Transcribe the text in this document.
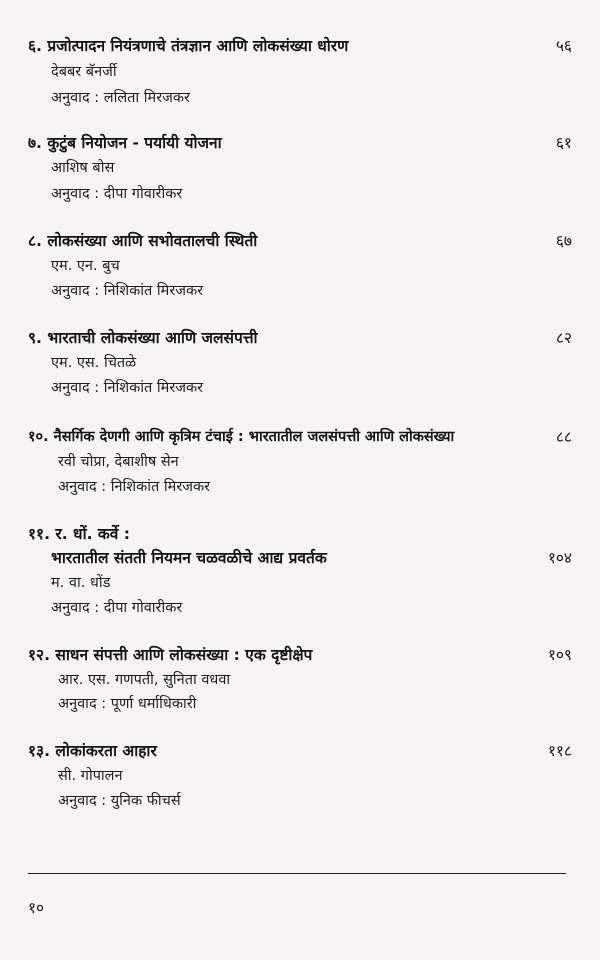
६. प्रजोत्पादन नियंत्रणाचे तंत्रज्ञान आणि लोकसंख्या धोरण	५६
देबबर बॅनर्जी
अनुवाद : ललिता मिरजकर
७. कुटुंब नियोजन - पर्यायी योजना	६१
आशिष बोस
अनुवाद : दीपा गोवारीकर
८. लोकसंख्या आणि सभोवतालची स्थिती	६७
एम. एन. बुच
अनुवाद : निशिकांत मिरजकर
९. भारताची लोकसंख्या आणि जलसंपत्ती	८२
एम. एस. चितळे
अनुवाद : निशिकांत मिरजकर
१०. नैसर्गिक देणगी आणि कृत्रिम टंचाई : भारतातील जलसंपत्ती आणि लोकसंख्या	८८
रवी चोप्रा, देबाशीष सेन
अनुवाद : निशिकांत मिरजकर
११. र. धों. कर्वे :
भारतातील संतती नियमन चळवळीचे आद्य प्रवर्तक	१०४
म. वा. धोंड
अनुवाद : दीपा गोवारीकर
१२. साधन संपत्ती आणि लोकसंख्या : एक दृष्टीक्षेप	१०९
आर. एस. गणपती, सुनिता वधवा
अनुवाद : पूर्णा धर्माधिकारी
१३. लोकांकरता आहार	११८
सी. गोपालन
अनुवाद : युनिक फीचर्स
१०
